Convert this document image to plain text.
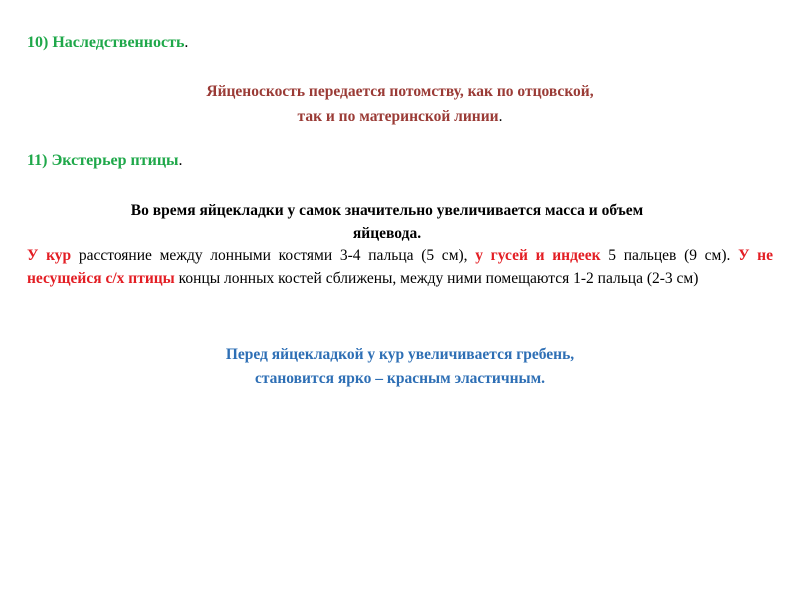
10) Наследственность.
Яйценоскость передается потомству, как по отцовской,
так и по материнской линии.
11) Экстерьер птицы.
Во время яйцекладки у самок значительно увеличивается масса и объем
яйцевода.
У кур расстояние между лонными костями 3-4 пальца (5 см), у гусей и индеек 5 пальцев (9 см). У не несущейся с/х птицы концы лонных костей сближены, между ними помещаются 1-2 пальца (2-3 см)
Перед яйцекладкой у кур увеличивается гребень,
становится ярко – красным эластичным.
